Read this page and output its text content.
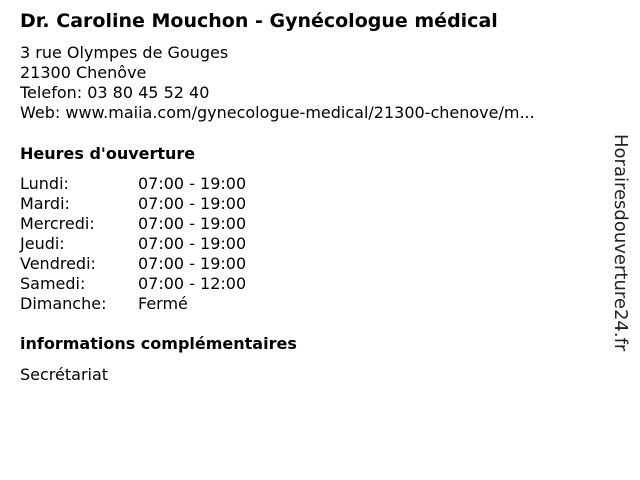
Dr. Caroline Mouchon - Gynécologue médical
3 rue Olympes de Gouges
21300 Chenôve
Telefon: 03 80 45 52 40
Web: www.maiia.com/gynecologue-medical/21300-chenove/m...
Heures d'ouverture
Lundi:	07:00 - 19:00
Mardi:	07:00 - 19:00
Mercredi:	07:00 - 19:00
Jeudi:	07:00 - 19:00
Vendredi:	07:00 - 19:00
Samedi:	07:00 - 12:00
Dimanche:	Fermé
informations complémentaires
Secrétariat
Horairesdouverture24.fr
